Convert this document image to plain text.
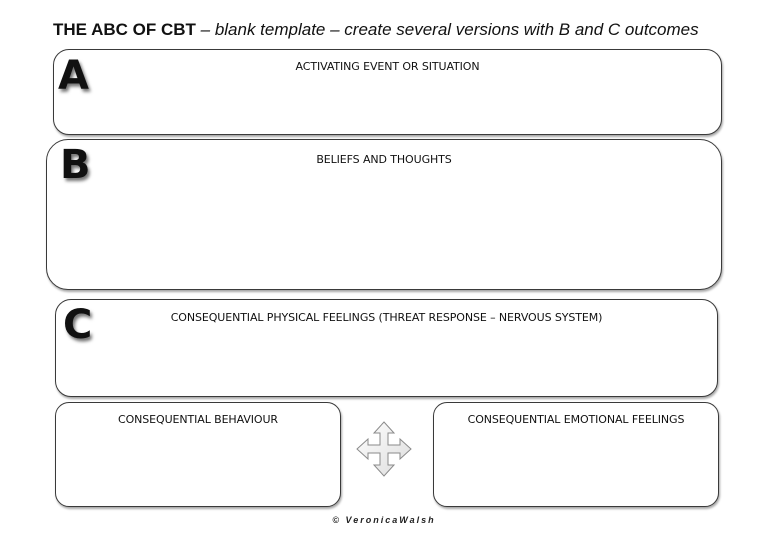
THE ABC OF CBT – blank template – create several versions with B and C outcomes
ACTIVATING EVENT OR SITUATION
A
BELIEFS AND THOUGHTS
B
CONSEQUENTIAL PHYSICAL FEELINGS (THREAT RESPONSE – NERVOUS SYSTEM)
C
CONSEQUENTIAL BEHAVIOUR	CONSEQUENTIAL EMOTIONAL FEELINGS
© VeronicaWalsh
